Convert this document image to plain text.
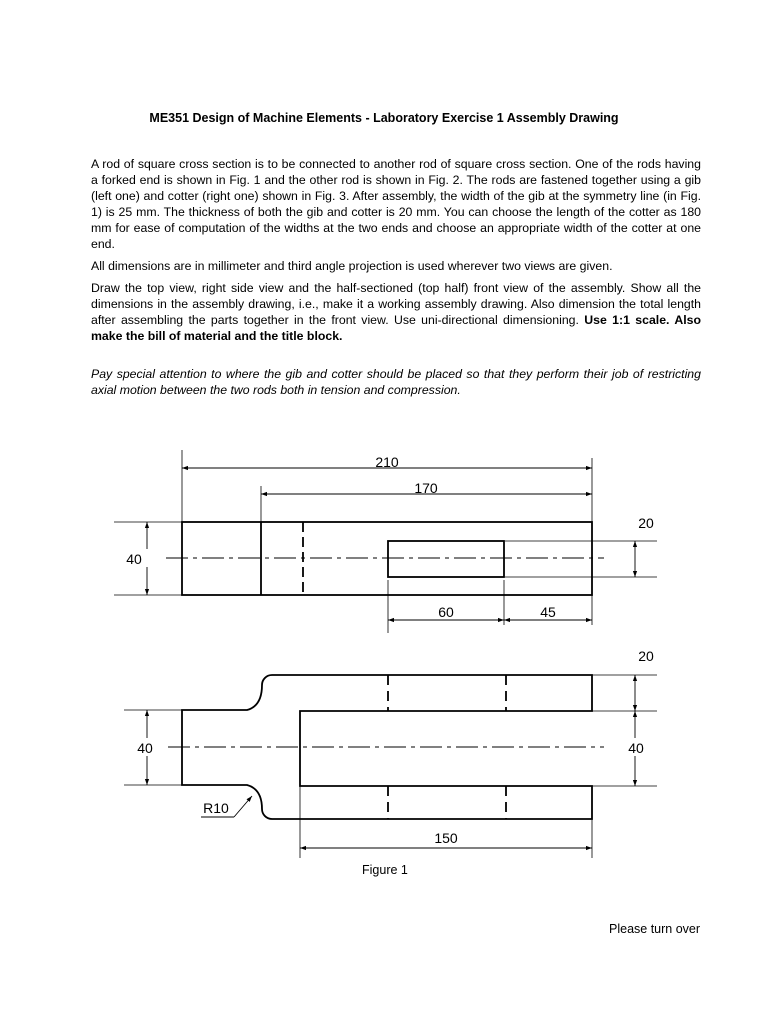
ME351 Design of Machine Elements - Laboratory Exercise 1 Assembly Drawing

A rod of square cross section is to be connected to another rod of square cross section. One of the rods having a forked end is shown in Fig. 1 and the other rod is shown in Fig. 2. The rods are fastened together using a gib (left one) and cotter (right one) shown in Fig. 3. After assembly, the width of the gib at the symmetry line (in Fig. 1) is 25 mm. The thickness of both the gib and cotter is 20 mm. You can choose the length of the cotter as 180 mm for ease of computation of the widths at the two ends and choose an appropriate width of the cotter at one end.

All dimensions are in millimeter and third angle projection is used wherever two views are given.

Draw the top view, right side view and the half-sectioned (top half) front view of the assembly. Show all the dimensions in the assembly drawing, i.e., make it a working assembly drawing. Also dimension the total length after assembling the parts together in the front view. Use uni-directional dimensioning. Use 1:1 scale. Also make the bill of material and the title block.

Pay special attention to where the gib and cotter should be placed so that they perform their job of restricting axial motion between the two rods both in tension and compression.

210
170
20
40
60	45
20
40	40
R10
150
Figure 1
Please turn over
